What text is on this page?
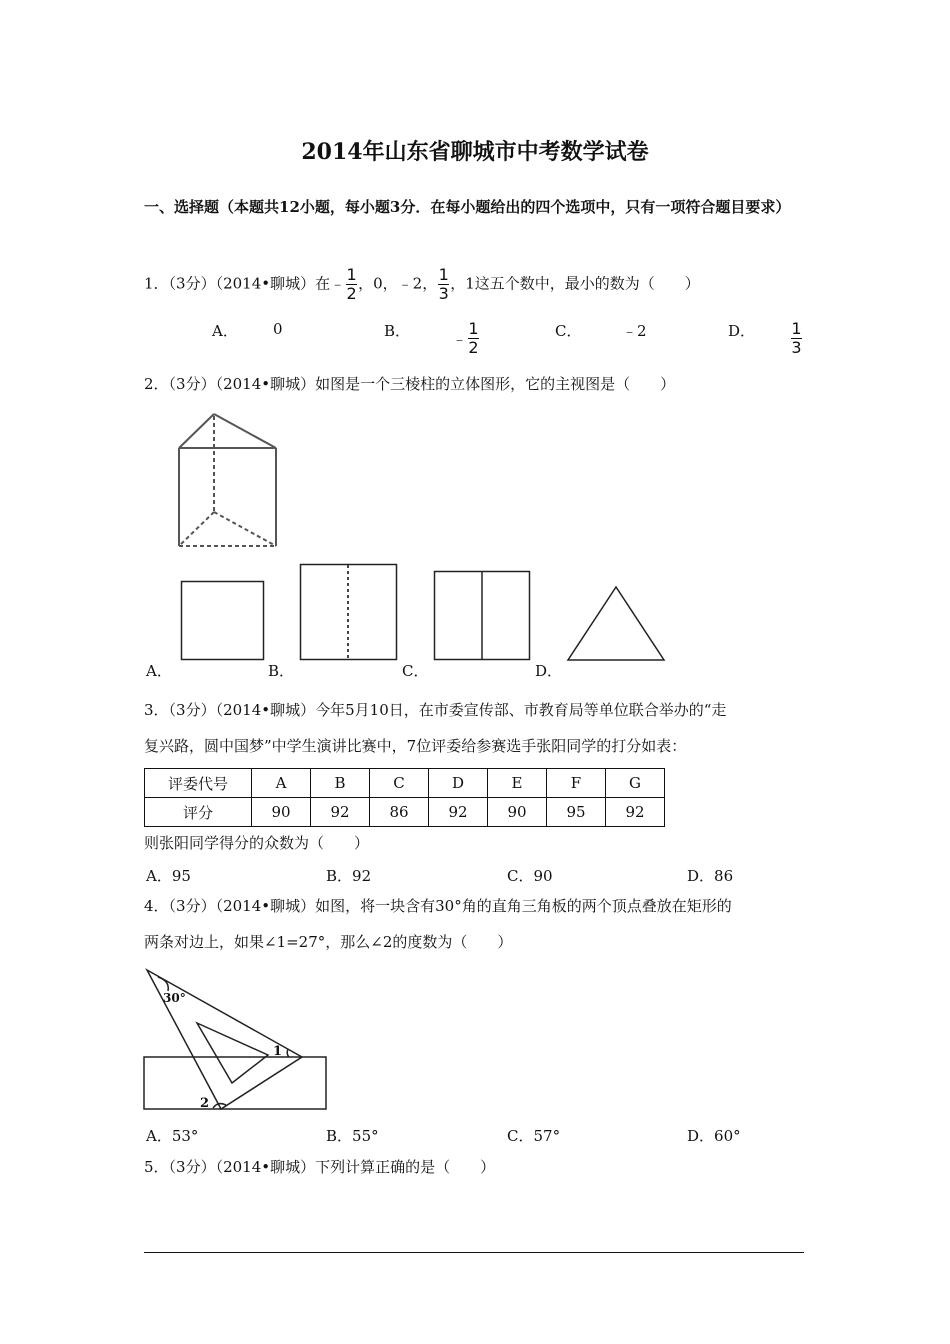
2014年山东省聊城市中考数学试卷
一、选择题（本题共12小题，每小题3分．在每小题给出的四个选项中，只有一项符合题目要求）
1．（3分）（2014•聊城）在﹣ $\frac{1}{2}$ ，0，﹣2， $\frac{1}{3}$ ，1这五个数中，最小的数为（　　）
A． 0	B．	﹣ $\frac{1}{2}$	C．	﹣2	D． $\frac{1}{3}$
2．（3分）（2014•聊城）如图是一个三棱柱的立体图形，它的主视图是（　　）
A．	B．	C．	D．
3．（3分）（2014•聊城）今年5月10日，在市委宣传部、市教育局等单位联合举办的“走
复兴路，圆中国梦”中学生演讲比赛中，7位评委给参赛选手张阳同学的打分如表：
评委代号	A	B	C	D	E	F	G
评分	90	92	86	92	90	95	92
则张阳同学得分的众数为（　　）
A．95	B．92	C．90	D．86
4．（3分）（2014•聊城）如图，将一块含有30°角的直角三角板的两个顶点叠放在矩形的
两条对边上，如果∠1=27°，那么∠2的度数为（　　）
30°
1
2
A．53°	B．55°	C．57°	D．60°
5．（3分）（2014•聊城）下列计算正确的是（　　）
